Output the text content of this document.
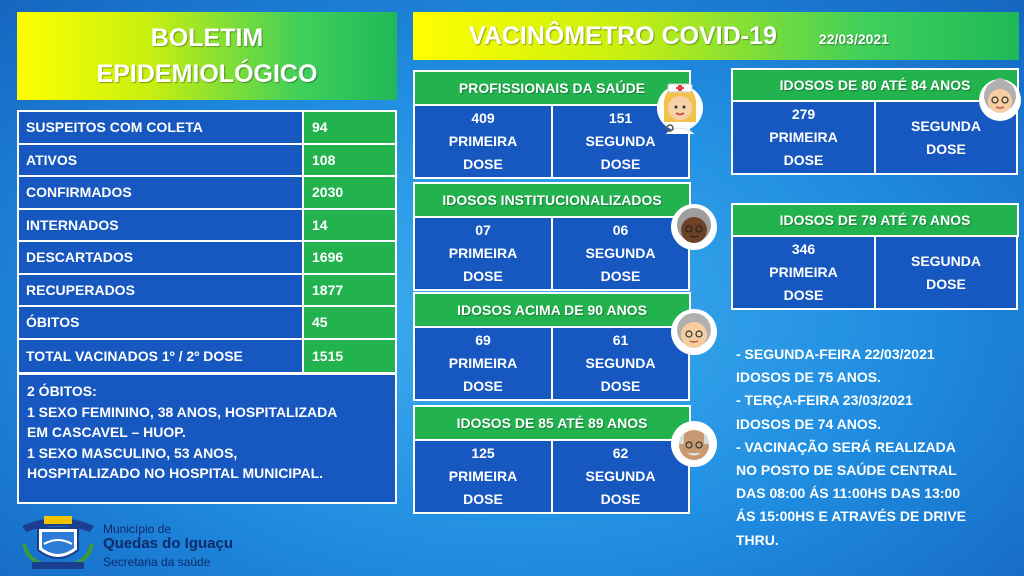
BOLETIM
EPIDEMIOLÓGICO
SUSPEITOS COM COLETA	94
ATIVOS	108
CONFIRMADOS	2030
INTERNADOS	14
DESCARTADOS	1696
RECUPERADOS	1877
ÓBITOS	45
TOTAL VACINADOS 1º / 2º DOSE	1515
2 ÓBITOS:
1 SEXO FEMININO, 38 ANOS, HOSPITALIZADA
EM CASCAVEL – HUOP.
1 SEXO MASCULINO, 53 ANOS,
HOSPITALIZADO NO HOSPITAL MUNICIPAL.
VACINÔMETRO COVID-19	22/03/2021
PROFISSIONAIS DA SAÚDE
409
PRIMEIRA
DOSE
151
SEGUNDA
DOSE
IDOSOS INSTITUCIONALIZADOS
07
PRIMEIRA
DOSE
06
SEGUNDA
DOSE
IDOSOS ACIMA DE 90 ANOS
69
PRIMEIRA
DOSE
61
SEGUNDA
DOSE
IDOSOS DE 85 ATÉ 89 ANOS
125
PRIMEIRA
DOSE
62
SEGUNDA
DOSE
IDOSOS DE 80 ATÉ 84 ANOS
279
PRIMEIRA
DOSE
SEGUNDA
DOSE
IDOSOS DE 79 ATÉ 76 ANOS
346
PRIMEIRA
DOSE
SEGUNDA
DOSE
- SEGUNDA-FEIRA 22/03/2021
IDOSOS DE 75 ANOS.
- TERÇA-FEIRA 23/03/2021
IDOSOS DE 74 ANOS.
- VACINAÇÃO SERÁ REALIZADA
NO POSTO DE SAÚDE CENTRAL
DAS 08:00 ÁS 11:00HS DAS 13:00
ÁS 15:00HS E ATRAVÉS DE DRIVE
THRU.
Município de
Quedas do Iguaçu
Secretaria da saúde
